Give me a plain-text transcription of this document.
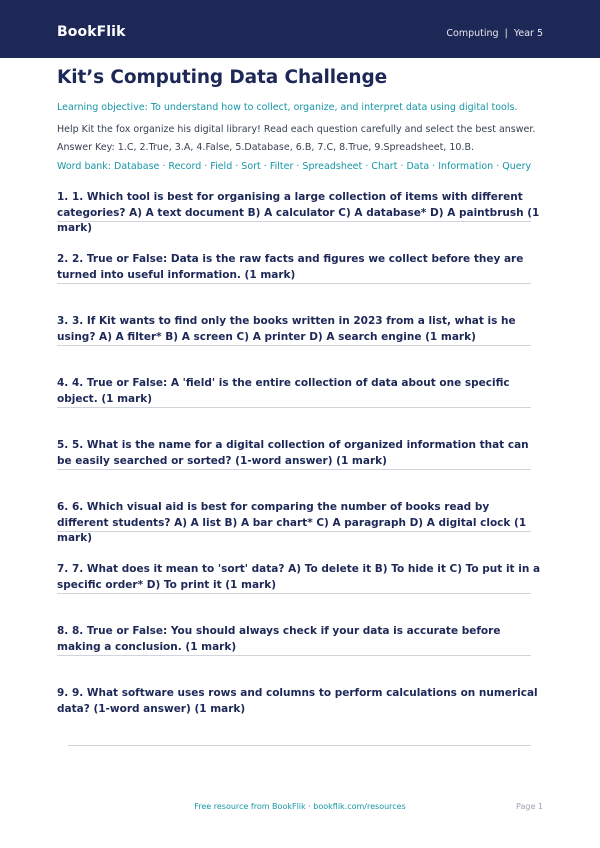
BookFlik	Computing  |  Year 5
Kit’s Computing Data Challenge
Learning objective: To understand how to collect, organize, and interpret data using digital tools.
Help Kit the fox organize his digital library! Read each question carefully and select the best answer.
Answer Key: 1.C, 2.True, 3.A, 4.False, 5.Database, 6.B, 7.C, 8.True, 9.Spreadsheet, 10.B.
Word bank: Database · Record · Field · Sort · Filter · Spreadsheet · Chart · Data · Information · Query
1. 1. Which tool is best for organising a large collection of items with different categories? A) A text document B) A calculator C) A database* D) A paintbrush (1 mark)
2. 2. True or False: Data is the raw facts and figures we collect before they are turned into useful information. (1 mark)
3. 3. If Kit wants to find only the books written in 2023 from a list, what is he using? A) A filter* B) A screen C) A printer D) A search engine (1 mark)
4. 4. True or False: A 'field' is the entire collection of data about one specific object. (1 mark)
5. 5. What is the name for a digital collection of organized information that can be easily searched or sorted? (1-word answer) (1 mark)
6. 6. Which visual aid is best for comparing the number of books read by different students? A) A list B) A bar chart* C) A paragraph D) A digital clock (1 mark)
7. 7. What does it mean to 'sort' data? A) To delete it B) To hide it C) To put it in a specific order* D) To print it (1 mark)
8. 8. True or False: You should always check if your data is accurate before making a conclusion. (1 mark)
9. 9. What software uses rows and columns to perform calculations on numerical data? (1-word answer) (1 mark)
Free resource from BookFlik · bookflik.com/resources	Page 1
